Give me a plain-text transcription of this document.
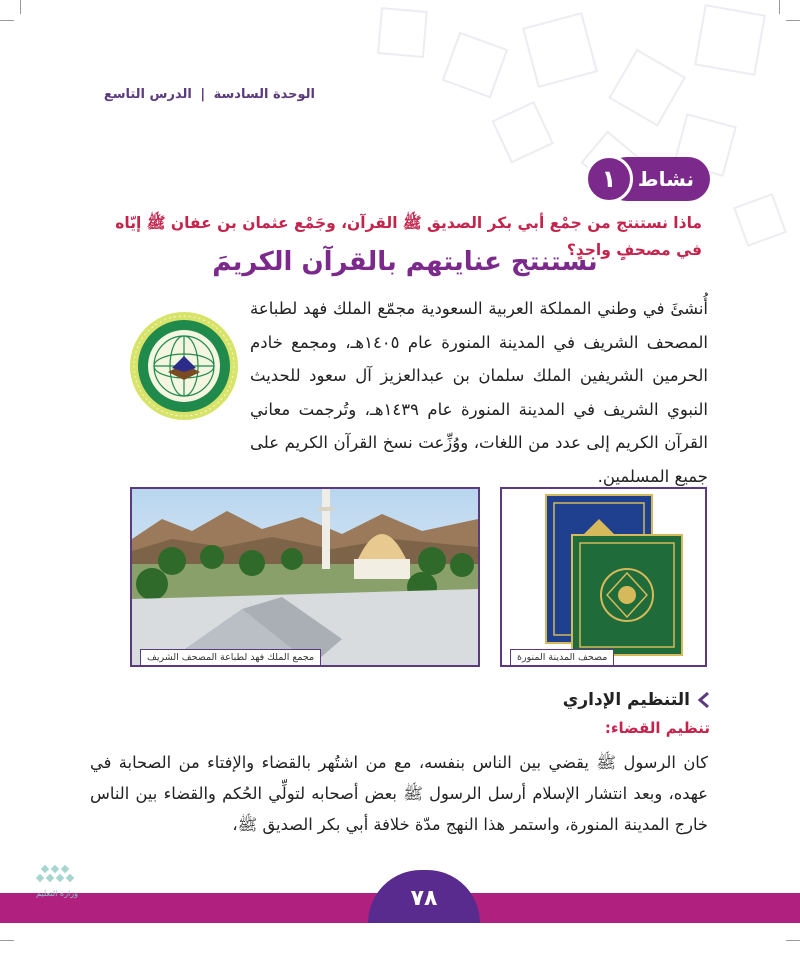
الوحدة السادسة | الدرس التاسع
نشاط
١
ماذا نستنتج من جمْع أبي بكر الصديق ﷺ القرآن، وجَمْع عثمان بن عفان ﷺ إيّاه في مصحفٍ واحدٍ؟
نستنتج عنايتهم بالقرآن الكريمَ
أُنشئَ في وطني المملكة العربية السعودية مجمّع الملك فهد لطباعة المصحف الشريف في المدينة المنورة عام ١٤٠٥هـ، ومجمع خادم الحرمين الشريفين الملك سلمان بن عبدالعزيز آل سعود للحديث النبوي الشريف في المدينة المنورة عام ١٤٣٩هـ، وتُرجمت معاني القرآن الكريم إلى عدد من اللغات، ووُزِّعت نسخ القرآن الكريم على جميع المسلمين.
مجمع الملك فهد لطباعة المصحف الشريف	مصحف المدينة المنورة
التنظيم الإداري
تنظيم القضاء:
كان الرسول ﷺ يقضي بين الناس بنفسه، مع من اشتُهر بالقضاء والإفتاء من الصحابة في عهده، وبعد انتشار الإسلام أرسل الرسول ﷺ بعض أصحابه لتولِّي الحُكم والقضاء بين الناس خارج المدينة المنورة، واستمر هذا النهج مدّة خلافة أبي بكر الصديق ﷺ،
٧٨
وزارة التعليم
